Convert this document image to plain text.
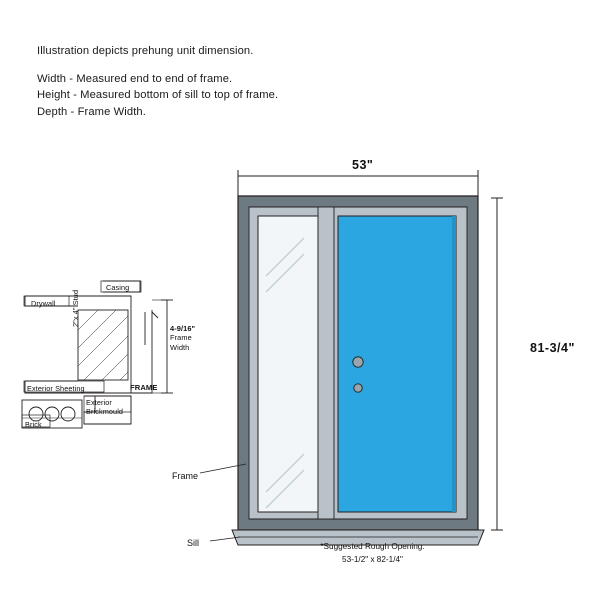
Illustration depicts prehung unit dimension.
Width - Measured end to end of frame.
Height - Measured bottom of sill to top of frame.
Depth - Frame Width.
53"
81-3/4"
*Suggested Rough Opening:
53-1/2" x 82-1/4"
Frame
Sill
Casing
Drywall 2"x 4" Stud
Exterior Sheeting	FRAME
Exterior
Brickmould
Brick
4-9/16"
Frame
Width
